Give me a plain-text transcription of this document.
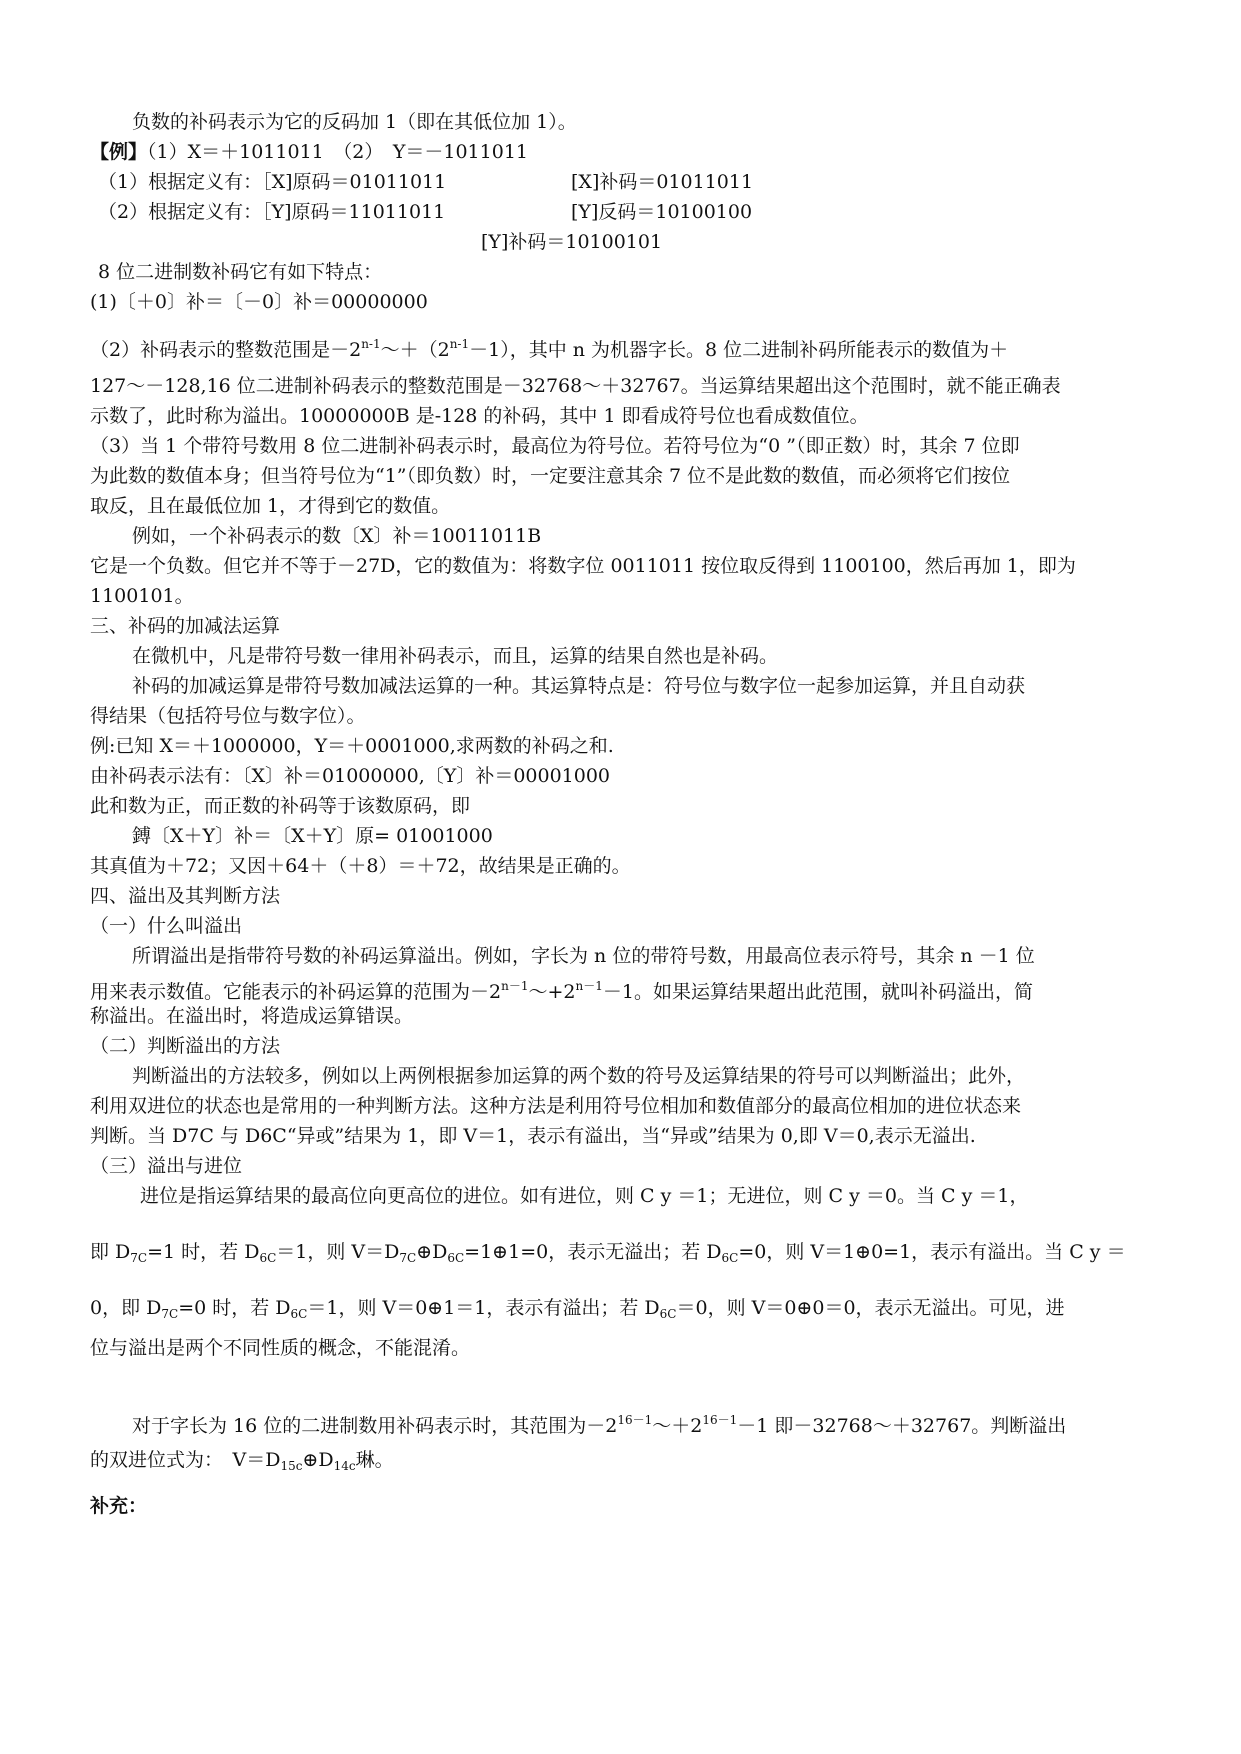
负数的补码表示为它的反码加 1（即在其低位加 1）。
【例】（1）X＝＋1011011　（2）　Y＝－1011011
（1）根据定义有：［X]原码＝01011011	[X]补码＝01011011
（2）根据定义有：［Y]原码＝11011011	[Y]反码＝10100100
[Y]补码＝10100101
8 位二进制数补码它有如下特点：
(1)〔＋0〕补＝〔－0〕补＝00000000
（2）补码表示的整数范围是$-2^{n-1}\sim+(2^{n-1}-1)$，其中 n 为机器字长。8 位二进制补码所能表示的数值为＋
127～－128,16 位二进制补码表示的整数范围是－32768～＋32767。当运算结果超出这个范围时，就不能正确表
示数了，此时称为溢出。10000000B 是-128 的补码，其中 1 即看成符号位也看成数值位。
（3）当 1 个带符号数用 8 位二进制补码表示时，最高位为符号位。若符号位为“0 ”（即正数）时，其余 7 位即
为此数的数值本身；但当符号位为“1”（即负数）时，一定要注意其余 7 位不是此数的数值，而必须将它们按位
取反，且在最低位加 1，才得到它的数值。
例如，一个补码表示的数〔X〕补＝10011011B
它是一个负数。但它并不等于－27D，它的数值为：将数字位 0011011 按位取反得到 1100100，然后再加 1，即为
1100101。
三、补码的加减法运算
在微机中，凡是带符号数一律用补码表示，而且，运算的结果自然也是补码。
补码的加减运算是带符号数加减法运算的一种。其运算特点是：符号位与数字位一起参加运算，并且自动获
得结果（包括符号位与数字位）。
例:已知 X＝＋1000000，Y＝＋0001000,求两数的补码之和.
由补码表示法有：〔X〕补＝01000000,〔Y〕补＝00001000
此和数为正，而正数的补码等于该数原码，即
鎛〔X＋Y〕补＝〔X＋Y〕原= 01001000
其真值为＋72；又因＋64＋（＋8）＝＋72，故结果是正确的。
四、溢出及其判断方法
（一）什么叫溢出
所谓溢出是指带符号数的补码运算溢出。例如，字长为 n 位的带符号数，用最高位表示符号，其余 n －1 位
用来表示数值。它能表示的补码运算的范围为$-2^{n-1}\sim+2^{n-1}-1$。如果运算结果超出此范围，就叫补码溢出，简
称溢出。在溢出时，将造成运算错误。
（二）判断溢出的方法
判断溢出的方法较多，例如以上两例根据参加运算的两个数的符号及运算结果的符号可以判断溢出；此外，
利用双进位的状态也是常用的一种判断方法。这种方法是利用符号位相加和数值部分的最高位相加的进位状态来
判断。当 D7C 与 D6C“异或”结果为 1，即 V＝1，表示有溢出，当“异或”结果为 0,即 V＝0,表示无溢出.
（三）溢出与进位
进位是指运算结果的最高位向更高位的进位。如有进位，则 C y ＝1；无进位，则 C y ＝0。当 C y ＝1，
即 $D_{7C}=1$ 时，若 $D_{6C}=1$，则 $V=D_{7C}\oplus D_{6C}=1\oplus 1=0$，表示无溢出；若 $D_{6C}=0$，则 V＝1⊕0=1，表示有溢出。当 C y ＝
0，即 $D_{7C}=0$ 时，若 $D_{6C}=1$，则 V＝0⊕1＝1，表示有溢出；若 $D_{6C}=0$，则 V＝0⊕0＝0，表示无溢出。可见，进
位与溢出是两个不同性质的概念，不能混淆。
对于字长为 16 位的二进制数用补码表示时，其范围为$-2^{16-1}\sim+2^{16-1}-1$ 即－32768～＋32767。判断溢出
的双进位式为：　$V=D_{15c}\oplus D_{14c}$琳。
补充：
